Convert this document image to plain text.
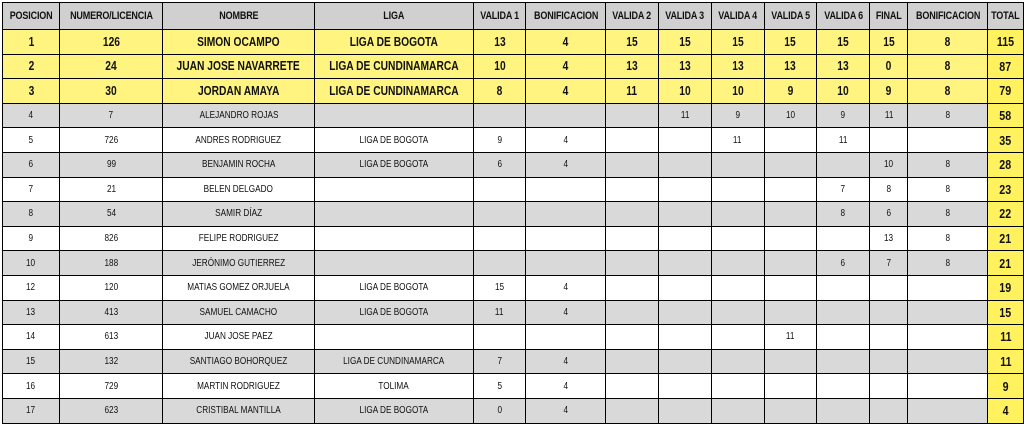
POSICION	NUMERO/LICENCIA	NOMBRE	LIGA	VALIDA 1	BONIFICACION	VALIDA 2	VALIDA 3	VALIDA 4	VALIDA 5	VALIDA 6	FINAL	BONIFICACION	TOTAL
1	126	SIMON OCAMPO	LIGA DE BOGOTA	13	4	15	15	15	15	15	15	8	115
2	24	JUAN JOSE NAVARRETE	LIGA DE CUNDINAMARCA	10	4	13	13	13	13	13	0	8	87
3	30	JORDAN AMAYA	LIGA DE CUNDINAMARCA	8	4	11	10	10	9	10	9	8	79
4	7	ALEJANDRO ROJAS					11	9	10	9	11	8	58
5	726	ANDRES RODRIGUEZ	LIGA DE BOGOTA	9	4			11		11			35
6	99	BENJAMIN ROCHA	LIGA DE BOGOTA	6	4						10	8	28
7	21	BELEN DELGADO								7	8	8	23
8	54	SAMIR DÍAZ								8	6	8	22
9	826	FELIPE RODRIGUEZ									13	8	21
10	188	JERÓNIMO GUTIERREZ								6	7	8	21
12	120	MATIAS GOMEZ ORJUELA	LIGA DE BOGOTA	15	4								19
13	413	SAMUEL CAMACHO	LIGA DE BOGOTA	11	4								15
14	613	JUAN JOSE PAEZ							11				11
15	132	SANTIAGO BOHORQUEZ	LIGA DE CUNDINAMARCA	7	4								11
16	729	MARTIN RODRIGUEZ	TOLIMA	5	4								9
17	623	CRISTIBAL MANTILLA	LIGA DE BOGOTA	0	4								4
